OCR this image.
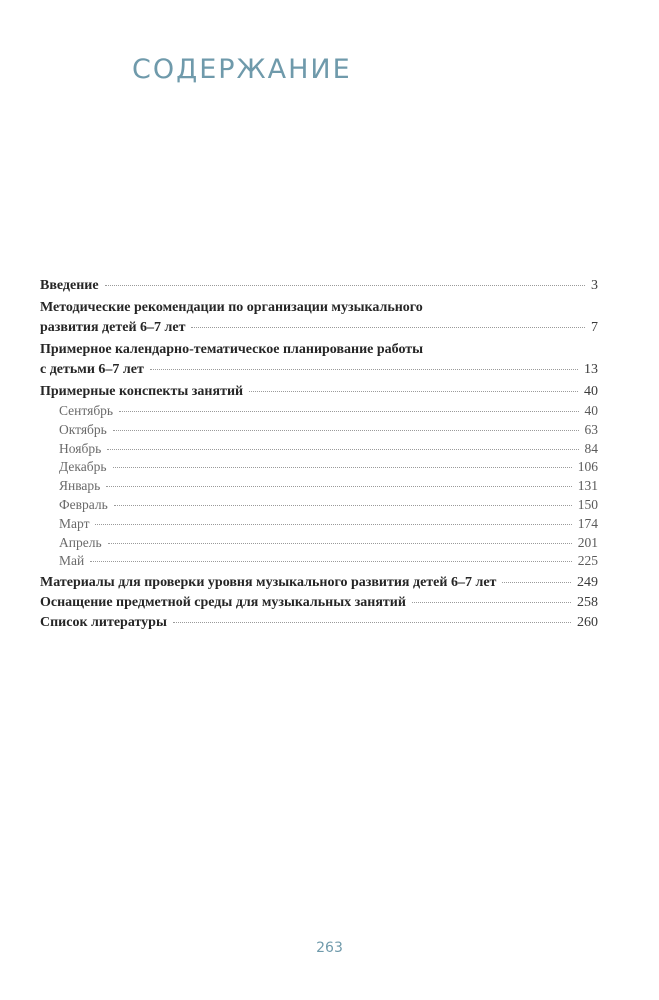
СОДЕРЖАНИЕ
Введение	3
Методические рекомендации по организации музыкального
развития детей 6–7 лет	7
Примерное календарно-тематическое планирование работы
с детьми 6–7 лет	13
Примерные конспекты занятий	40
Сентябрь	40
Октябрь	63
Ноябрь	84
Декабрь	106
Январь	131
Февраль	150
Март	174
Апрель	201
Май	225
Материалы для проверки уровня музыкального развития детей 6–7 лет	249
Оснащение предметной среды для музыкальных занятий	258
Список литературы	260
263
